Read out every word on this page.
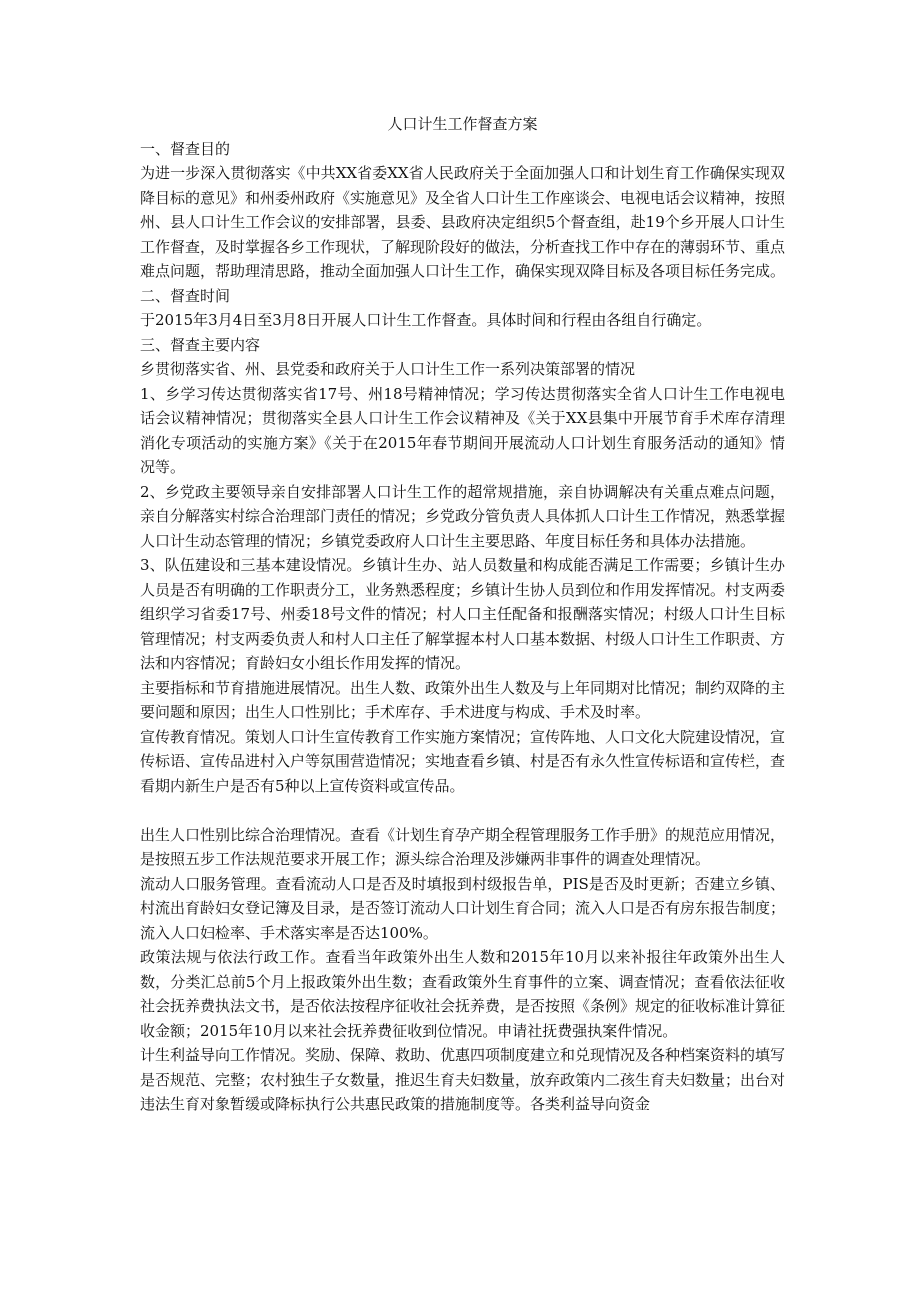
人口计生工作督查方案
一、督查目的
为进一步深入贯彻落实《中共XX省委XX省人民政府关于全面加强人口和计划生育工作确保实现双降目标的意见》和州委州政府《实施意见》及全省人口计生工作座谈会、电视电话会议精神，按照州、县人口计生工作会议的安排部署，县委、县政府决定组织5个督查组，赴19个乡开展人口计生工作督查，及时掌握各乡工作现状，了解现阶段好的做法，分析查找工作中存在的薄弱环节、重点难点问题，帮助理清思路，推动全面加强人口计生工作，确保实现双降目标及各项目标任务完成。
二、督查时间
于2015年3月4日至3月8日开展人口计生工作督查。具体时间和行程由各组自行确定。
三、督查主要内容
乡贯彻落实省、州、县党委和政府关于人口计生工作一系列决策部署的情况
1、乡学习传达贯彻落实省17号、州18号精神情况；学习传达贯彻落实全省人口计生工作电视电话会议精神情况；贯彻落实全县人口计生工作会议精神及《关于XX县集中开展节育手术库存清理消化专项活动的实施方案》《关于在2015年春节期间开展流动人口计划生育服务活动的通知》情况等。
2、乡党政主要领导亲自安排部署人口计生工作的超常规措施，亲自协调解决有关重点难点问题，亲自分解落实村综合治理部门责任的情况；乡党政分管负责人具体抓人口计生工作情况，熟悉掌握人口计生动态管理的情况；乡镇党委政府人口计生主要思路、年度目标任务和具体办法措施。
3、队伍建设和三基本建设情况。乡镇计生办、站人员数量和构成能否满足工作需要；乡镇计生办人员是否有明确的工作职责分工，业务熟悉程度；乡镇计生协人员到位和作用发挥情况。村支两委组织学习省委17号、州委18号文件的情况；村人口主任配备和报酬落实情况；村级人口计生目标管理情况；村支两委负责人和村人口主任了解掌握本村人口基本数据、村级人口计生工作职责、方法和内容情况；育龄妇女小组长作用发挥的情况。
主要指标和节育措施进展情况。出生人数、政策外出生人数及与上年同期对比情况；制约双降的主要问题和原因；出生人口性别比；手术库存、手术进度与构成、手术及时率。
宣传教育情况。策划人口计生宣传教育工作实施方案情况；宣传阵地、人口文化大院建设情况，宣传标语、宣传品进村入户等氛围营造情况；实地查看乡镇、村是否有永久性宣传标语和宣传栏，查看期内新生户是否有5种以上宣传资料或宣传品。
出生人口性别比综合治理情况。查看《计划生育孕产期全程管理服务工作手册》的规范应用情况，是按照五步工作法规范要求开展工作；源头综合治理及涉嫌两非事件的调查处理情况。
流动人口服务管理。查看流动人口是否及时填报到村级报告单，PIS是否及时更新；否建立乡镇、村流出育龄妇女登记簿及目录，是否签订流动人口计划生育合同；流入人口是否有房东报告制度；流入人口妇检率、手术落实率是否达100%。
政策法规与依法行政工作。查看当年政策外出生人数和2015年10月以来补报往年政策外出生人数，分类汇总前5个月上报政策外出生数；查看政策外生育事件的立案、调查情况；查看依法征收社会抚养费执法文书，是否依法按程序征收社会抚养费，是否按照《条例》规定的征收标准计算征收金额；2015年10月以来社会抚养费征收到位情况。申请社抚费强执案件情况。
计生利益导向工作情况。奖励、保障、救助、优惠四项制度建立和兑现情况及各种档案资料的填写是否规范、完整；农村独生子女数量，推迟生育夫妇数量，放弃政策内二孩生育夫妇数量；出台对违法生育对象暂缓或降标执行公共惠民政策的措施制度等。各类利益导向资金
